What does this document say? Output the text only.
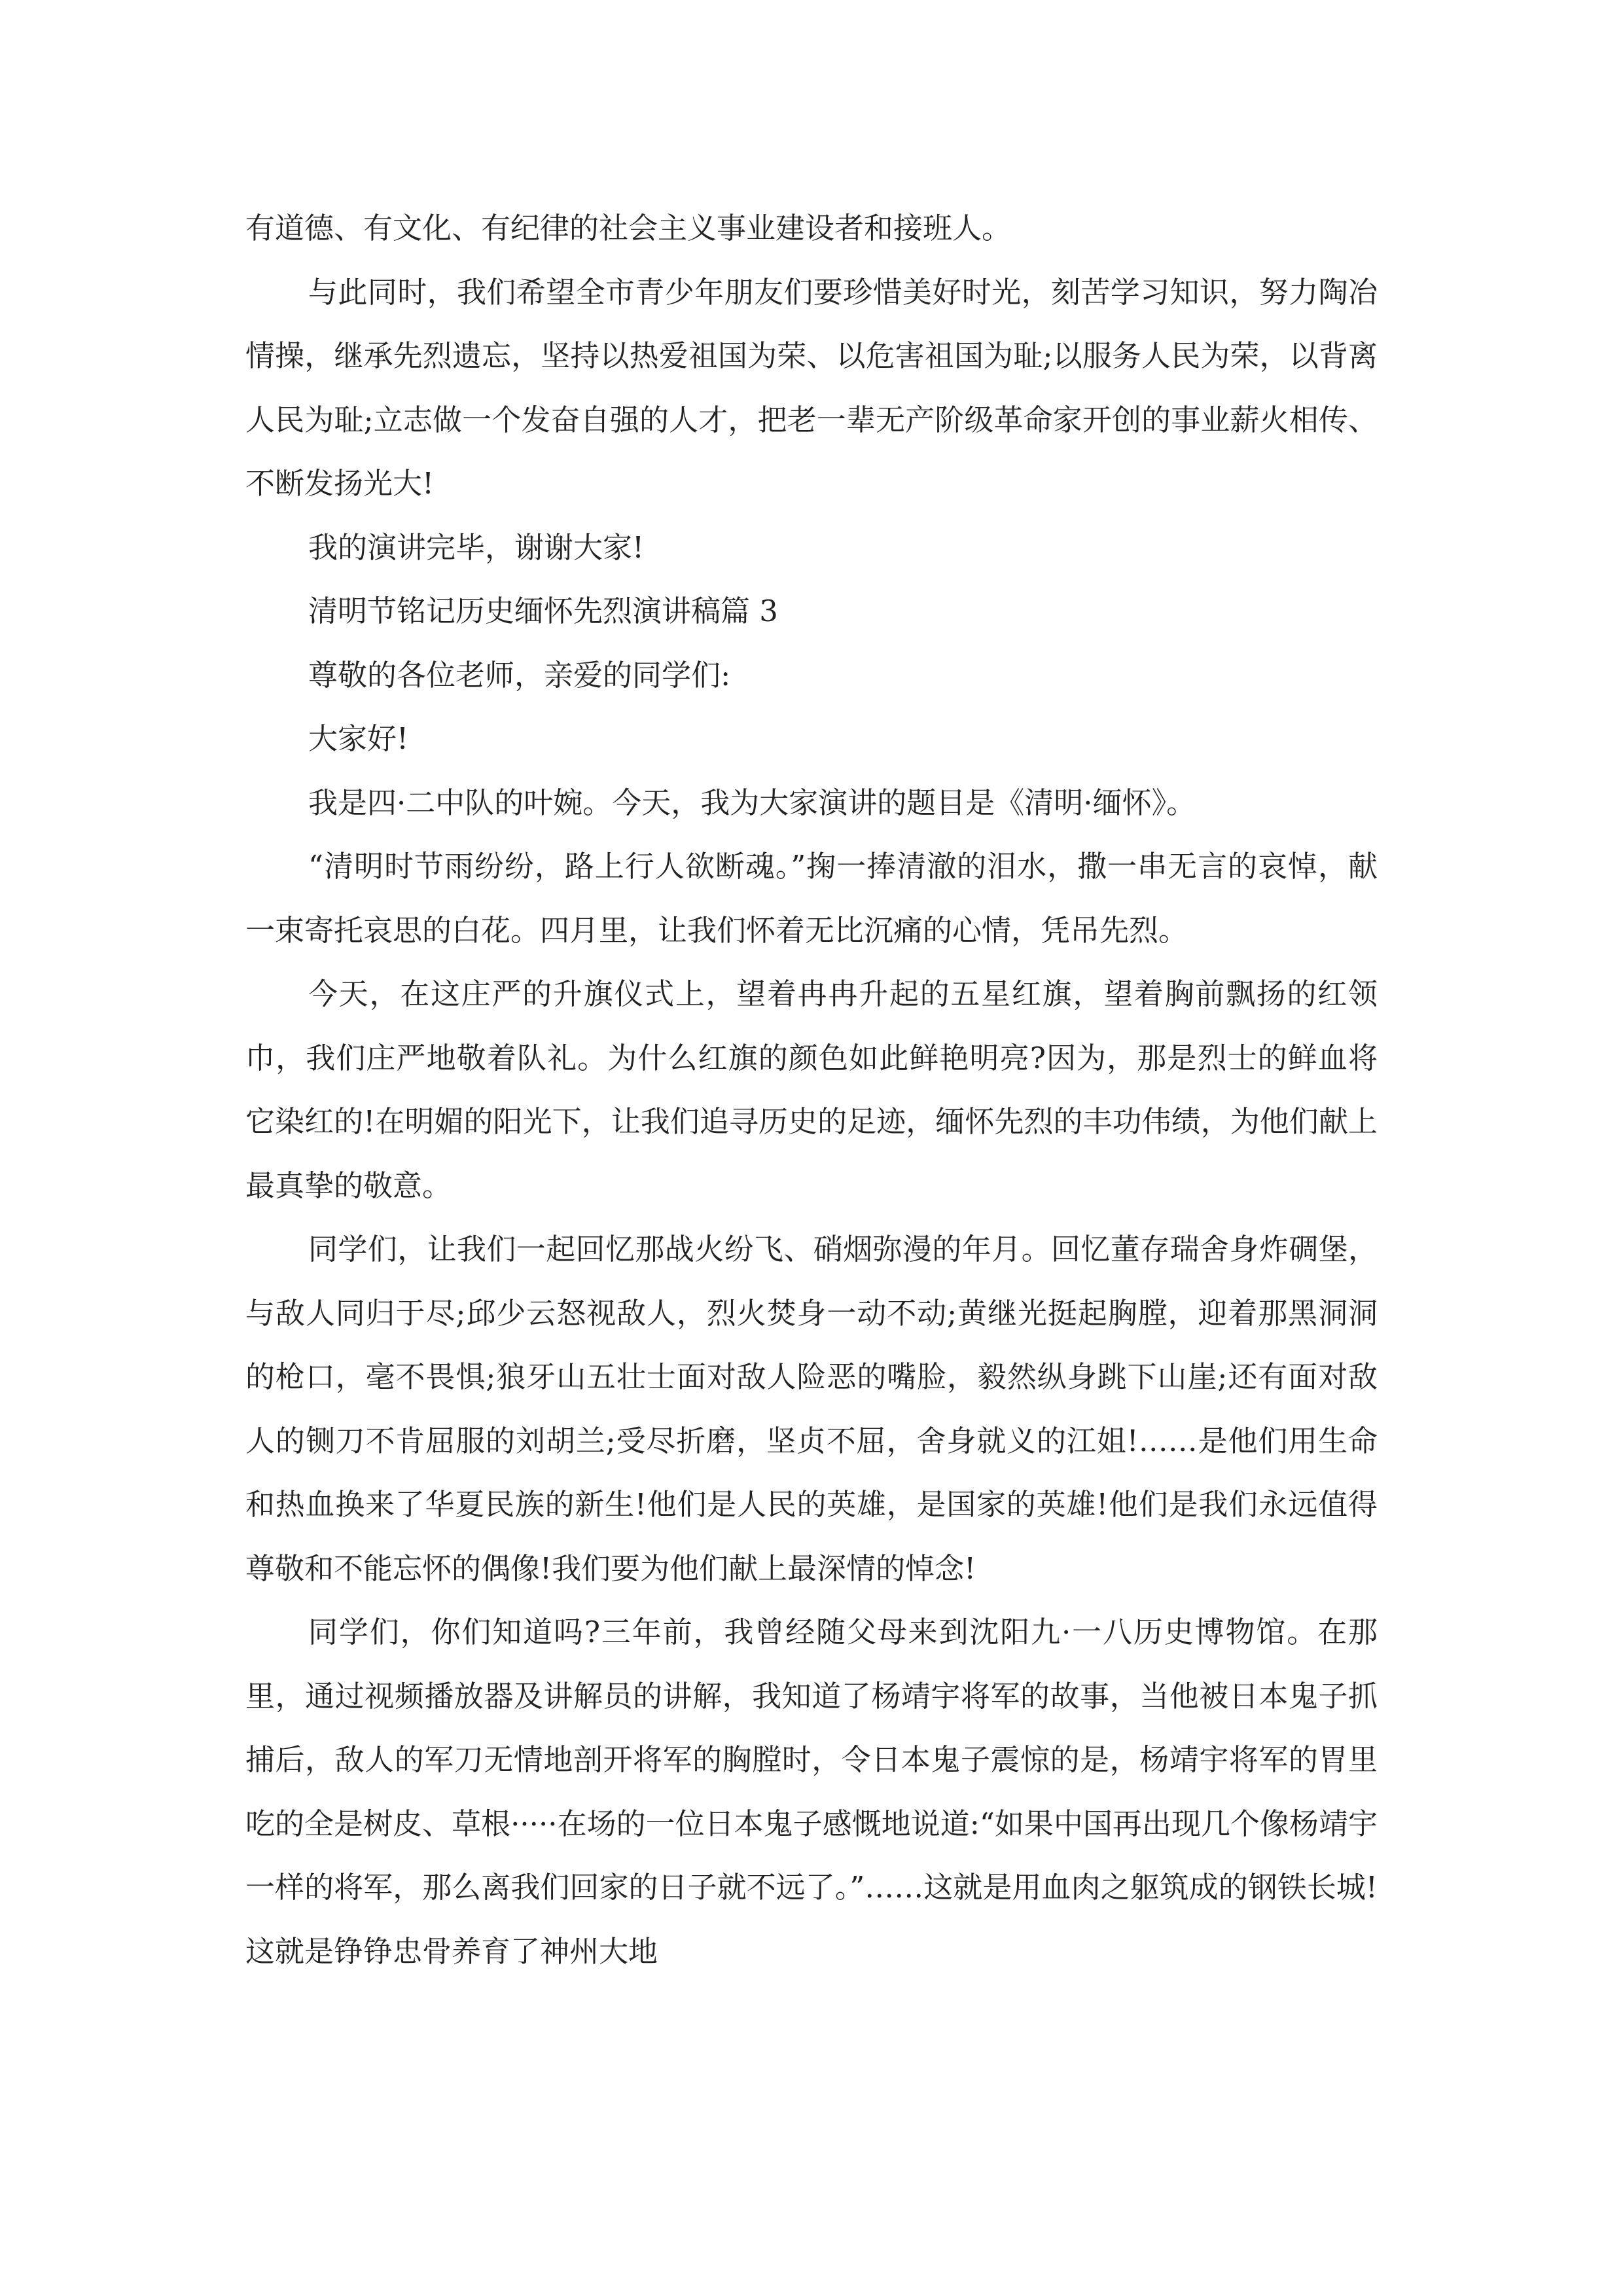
有道德、有文化、有纪律的社会主义事业建设者和接班人。

与此同时，我们希望全市青少年朋友们要珍惜美好时光，刻苦学习知识，努力陶冶情操，继承先烈遗忘，坚持以热爱祖国为荣、以危害祖国为耻;以服务人民为荣，以背离人民为耻;立志做一个发奋自强的人才，把老一辈无产阶级革命家开创的事业薪火相传、不断发扬光大!

我的演讲完毕，谢谢大家!

清明节铭记历史缅怀先烈演讲稿篇 3

尊敬的各位老师，亲爱的同学们:

大家好!

我是四·二中队的叶婉。今天，我为大家演讲的题目是《清明·缅怀》。

“清明时节雨纷纷，路上行人欲断魂。”掬一捧清澈的泪水，撒一串无言的哀悼，献一束寄托哀思的白花。四月里，让我们怀着无比沉痛的心情，凭吊先烈。

今天，在这庄严的升旗仪式上，望着冉冉升起的五星红旗，望着胸前飘扬的红领巾，我们庄严地敬着队礼。为什么红旗的颜色如此鲜艳明亮?因为，那是烈士的鲜血将它染红的!在明媚的阳光下，让我们追寻历史的足迹，缅怀先烈的丰功伟绩，为他们献上最真挚的敬意。

同学们，让我们一起回忆那战火纷飞、硝烟弥漫的年月。回忆董存瑞舍身炸碉堡，与敌人同归于尽;邱少云怒视敌人，烈火焚身一动不动;黄继光挺起胸膛，迎着那黑洞洞的枪口，毫不畏惧;狼牙山五壮士面对敌人险恶的嘴脸，毅然纵身跳下山崖;还有面对敌人的铡刀不肯屈服的刘胡兰;受尽折磨，坚贞不屈，舍身就义的江姐!……是他们用生命和热血换来了华夏民族的新生!他们是人民的英雄，是国家的英雄!他们是我们永远值得尊敬和不能忘怀的偶像!我们要为他们献上最深情的悼念!

同学们，你们知道吗?三年前，我曾经随父母来到沈阳九·一八历史博物馆。在那里，通过视频播放器及讲解员的讲解，我知道了杨靖宇将军的故事，当他被日本鬼子抓捕后，敌人的军刀无情地剖开将军的胸膛时，令日本鬼子震惊的是，杨靖宇将军的胃里吃的全是树皮、草根·····在场的一位日本鬼子感慨地说道:“如果中国再出现几个像杨靖宇一样的将军，那么离我们回家的日子就不远了。”……这就是用血肉之躯筑成的钢铁长城!这就是铮铮忠骨养育了神州大地
